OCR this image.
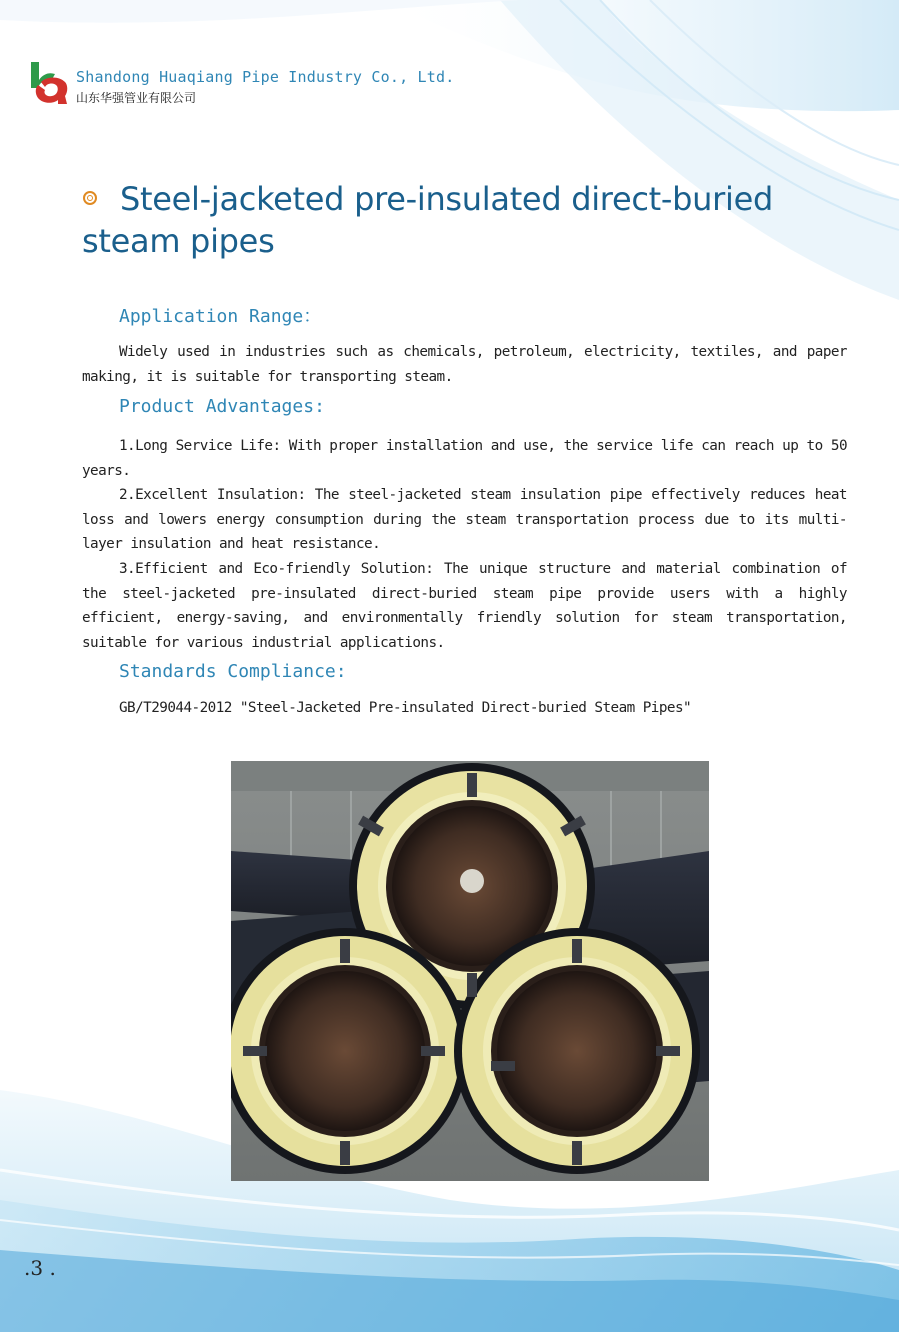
Shandong Huaqiang Pipe Industry Co., Ltd.
山东华强管业有限公司
Steel-jacketed pre-insulated direct-buried steam pipes
Application Range：
Widely used in industries such as chemicals, petroleum, electricity, textiles, and paper making, it is suitable for transporting steam.
Product Advantages:
1.Long Service Life: With proper installation and use, the service life can reach up to 50 years.
2.Excellent Insulation: The steel-jacketed steam insulation pipe effectively reduces heat loss and lowers energy consumption during the steam transportation process due to its multi-layer insulation and heat resistance.
3.Efficient and Eco-friendly Solution: The unique structure and material combination of the steel-jacketed pre-insulated direct-buried steam pipe provide users with a highly efficient, energy-saving, and environmentally friendly solution for steam transportation, suitable for various industrial applications.
Standards Compliance:
GB/T29044-2012 "Steel-Jacketed Pre-insulated Direct-buried Steam Pipes"
.3 .
